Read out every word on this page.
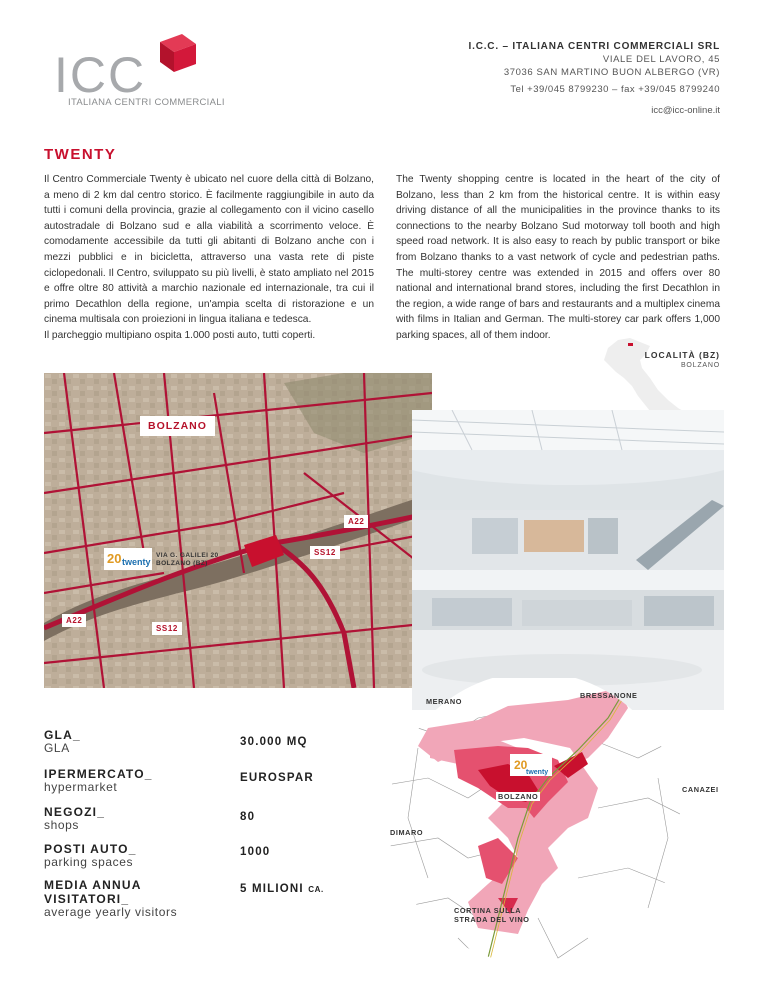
ICC
ITALIANA CENTRI COMMERCIALI
I.C.C. – ITALIANA CENTRI COMMERCIALI SRL
VIALE DEL LAVORO, 45
37036 SAN MARTINO BUON ALBERGO (VR)
Tel +39/045 8799230 – fax +39/045 8799240
icc@icc-online.it
TWENTY

Il Centro Commerciale Twenty è ubicato nel cuore della città di Bolzano, a meno di 2 km dal centro storico. È facilmente raggiungibile in auto da tutti i comuni della provincia, grazie al collegamento con il vicino casello autostradale di Bolzano sud e alla viabilità a scorrimento veloce. È comodamente accessibile da tutti gli abitanti di Bolzano anche con i mezzi pubblici e in bicicletta, attraverso una vasta rete di piste ciclopedonali. Il Centro, sviluppato su più livelli, è stato ampliato nel 2015 e offre oltre 80 attività a marchio nazionale ed internazionale, tra cui il primo Decathlon della regione, un'ampia scelta di ristorazione e un cinema multisala con proiezioni in lingua italiana e tedesca.

Il parcheggio multipiano ospita 1.000 posti auto, tutti coperti.

The Twenty shopping centre is located in the heart of the city of Bolzano, less than 2 km from the historical centre. It is within easy driving distance of all the municipalities in the province thanks to its connections to the nearby Bolzano Sud motorway toll booth and high speed road network. It is also easy to reach by public transport or bike from Bolzano thanks to a vast network of cycle and pedestrian paths. The multi-storey centre was extended in 2015 and offers over 80 national and international brand stores, including the first Decathlon in the region, a wide range of bars and restaurants and a multiplex cinema with films in Italian and German. The multi-storey car park offers 1,000 parking spaces, all of them indoor.
LOCALITÀ (BZ)
BOLZANO
BOLZANO
A22
SS12
A22
SS12
20 twenty
VIA G. GALILEI 20
BOLZANO (BZ)
20
twenty
MERANO
BRESSANONE
CANAZEI
BOLZANO
DIMARO
CORTINA SULLA
STRADA DEL VINO
GLA_
GLA	30.000 MQ
IPERMERCATO_
hypermarket
EUROSPAR
NEGOZI_
shops
80
POSTI AUTO_
parking spaces
1000
MEDIA ANNUA
VISITATORI_
average yearly visitors
5 MILIONI CA.
